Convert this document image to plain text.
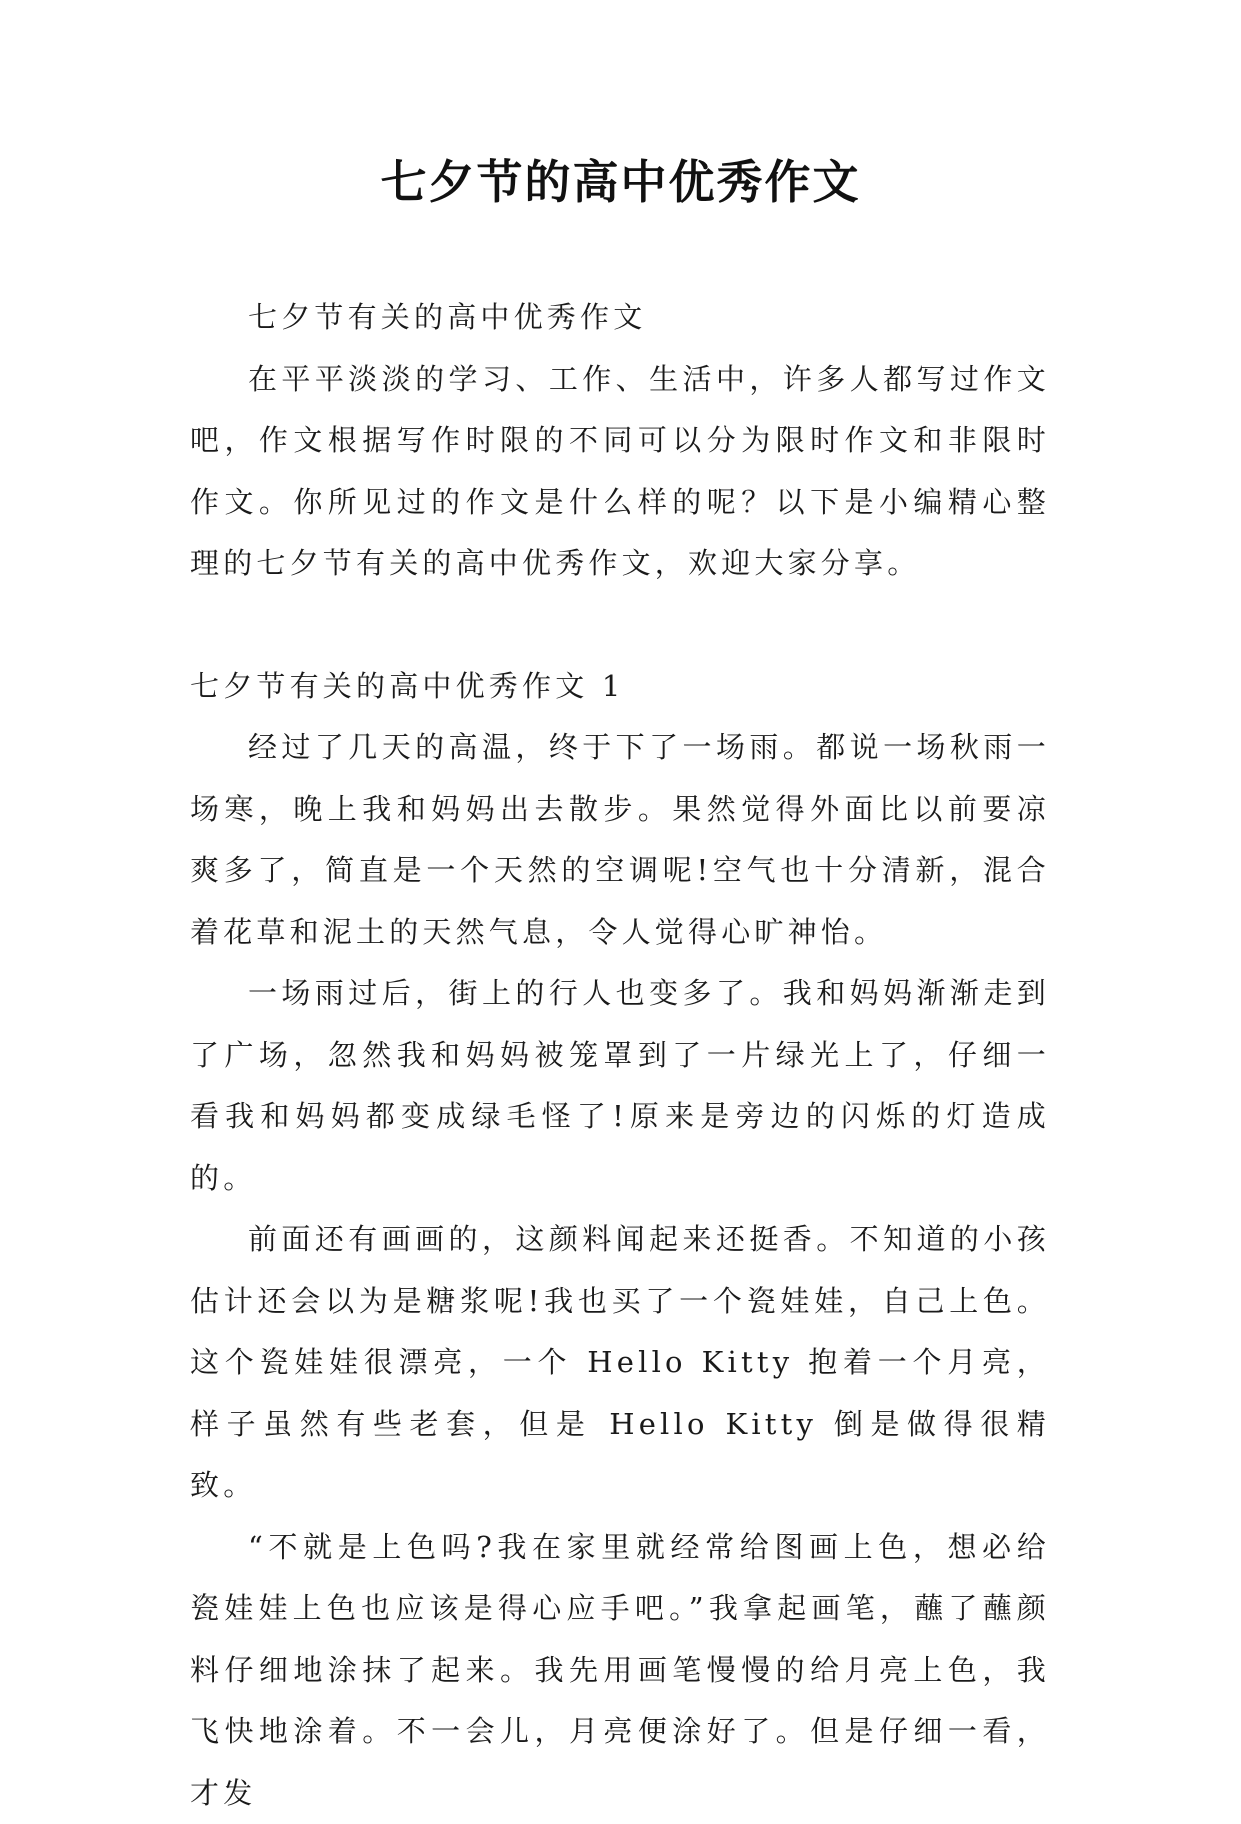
七夕节的高中优秀作文

七夕节有关的高中优秀作文

在平平淡淡的学习、工作、生活中，许多人都写过作文吧，作文根据写作时限的不同可以分为限时作文和非限时作文。你所见过的作文是什么样的呢？以下是小编精心整理的七夕节有关的高中优秀作文，欢迎大家分享。

七夕节有关的高中优秀作文 1

经过了几天的高温，终于下了一场雨。都说一场秋雨一场寒，晚上我和妈妈出去散步。果然觉得外面比以前要凉爽多了，简直是一个天然的空调呢!空气也十分清新，混合着花草和泥土的天然气息，令人觉得心旷神怡。

一场雨过后，街上的行人也变多了。我和妈妈渐渐走到了广场，忽然我和妈妈被笼罩到了一片绿光上了，仔细一看我和妈妈都变成绿毛怪了!原来是旁边的闪烁的灯造成的。

前面还有画画的，这颜料闻起来还挺香。不知道的小孩估计还会以为是糖浆呢!我也买了一个瓷娃娃，自己上色。这个瓷娃娃很漂亮，一个 Hello Kitty 抱着一个月亮，样子虽然有些老套，但是 Hello Kitty 倒是做得很精致。

“不就是上色吗?我在家里就经常给图画上色，想必给瓷娃娃上色也应该是得心应手吧。”我拿起画笔，蘸了蘸颜料仔细地涂抹了起来。我先用画笔慢慢的给月亮上色，我飞快地涂着。不一会儿，月亮便涂好了。但是仔细一看，才发
